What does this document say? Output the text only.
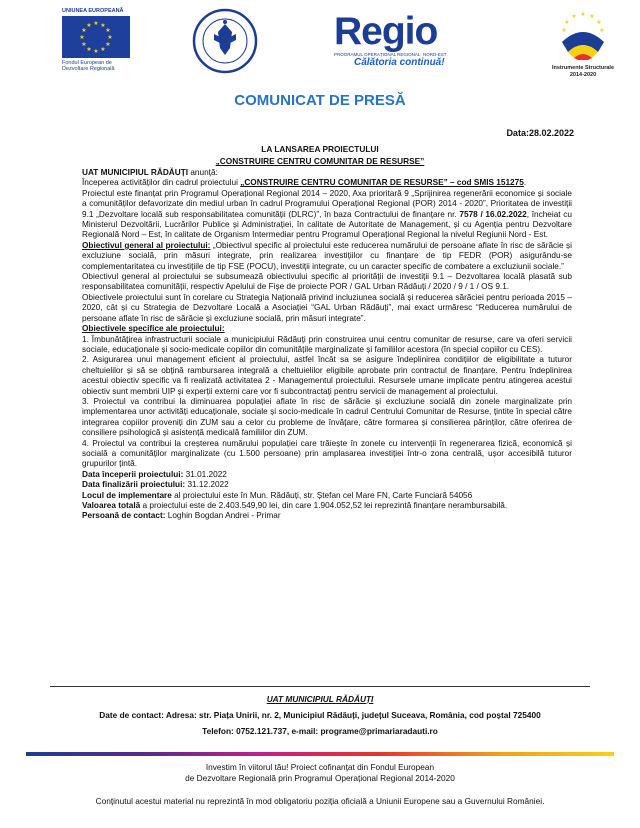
UNIUNEA EUROPEANĂ
★ ★
★
★
★
★
★
★
★
★
★
★
Fondul European de Dezvoltare Regională
Regio
PROGRAMUL OPERAȚIONAL REGIONAL NORD-EST
Călătoria continuă!
★ ★
★
★
★
★
★
Instrumente Structurale 2014-2020
COMUNICAT DE PRESĂ
Data:28.02.2022
LA LANSAREA PROIECTULUI
„CONSTRUIRE CENTRU COMUNITAR DE RESURSE”

UAT MUNICIPIUL RĂDĂUȚI anunță:

Începerea activităților din cadrul proiectului „CONSTRUIRE CENTRU COMUNITAR DE RESURSE” – cod SMIS 151275.

Proiectul este finanțat prin Programul Operațional Regional 2014 – 2020, Axa prioritară 9 „Sprijinirea regenerării economice și sociale a comunităților defavorizate din mediul urban în cadrul Programului Operațional Regional (POR) 2014 - 2020”, Prioritatea de investiții 9.1 „Dezvoltare locală sub responsabilitatea comunității (DLRC)”, în baza Contractului de finanțare nr. 7578 / 16.02.2022, încheiat cu Ministerul Dezvoltării, Lucrărilor Publice și Administrației, în calitate de Autoritate de Management, și cu Agenția pentru Dezvoltare Regională Nord – Est, în calitate de Organism Intermediar pentru Programul Operațional Regional la nivelul Regiunii Nord - Est.

Obiectivul general al proiectului: „Obiectivul specific al proiectului este reducerea numărului de persoane aflate în risc de sărăcie și excluziune socială, prin măsuri integrate, prin realizarea investițiilor cu finanțare de tip FEDR (POR) asigurându-se complementaritatea cu investițiile de tip FSE (POCU), investiții integrate, cu un caracter specific de combatere a excluziunii sociale.”

Obiectivul general al proiectului se subsumează obiectivului specific al priorității de investiții 9.1 – Dezvoltarea locală plasată sub responsabilitatea comunității, respectiv Apelului de Fișe de proiecte POR / GAL Urban Rădăuți / 2020 / 9 / 1 / OS 9.1.

Obiectivele proiectului sunt în corelare cu Strategia Națională privind incluziunea socială și reducerea sărăciei pentru perioada 2015 – 2020, cât și cu Strategia de Dezvoltare Locală a Asociației “GAL Urban Rădăuți”, mai exact urmăresc “Reducerea numărului de persoane aflate în risc de sărăcie și excluziune socială, prin măsuri integrate”.

Obiectivele specifice ale proiectului:

1. Îmbunătățirea infrastructurii sociale a municipiului Rădăuți prin construirea unui centru comunitar de resurse, care va oferi servicii sociale, educaționale și socio-medicale copiilor din comunitățile marginalizate și familiilor acestora (în special copiilor cu CES).

2. Asigurarea unui management eficient al proiectului, astfel încât sa se asigure îndeplinirea condițiilor de eligibilitate a tuturor cheltuielilor și să se obțină rambursarea integrală a cheltuielilor eligibile aprobate prin contractul de finanțare. Pentru îndeplinirea acestui obiectiv specific va fi realizată activitatea 2 - Managementul proiectului. Resursele umane implicate pentru atingerea acestui obiectiv sunt membrii UIP și experții externi care vor fi subcontractați pentru servicii de management al proiectului.

3. Proiectul va contribui la diminuarea populației aflate în risc de sărăcie și excluziune socială din zonele marginalizate prin implementarea unor activități educaționale, sociale și socio-medicale în cadrul Centrului Comunitar de Resurse, țintite în special către integrarea copiilor proveniți din ZUM sau a celor cu probleme de învățare, către formarea și consilierea părinților, către oferirea de consiliere psihologică și asistență medicală familiilor din ZUM.

4. Proiectul va contribui la creșterea numărului populației care trăiește în zonele cu intervenții în regenerarea fizică, economică și socială a comunităților marginalizate (cu 1.500 persoane) prin amplasarea investiției într-o zona centrală, ușor accesibilă tuturor grupurilor țintă.

Data începerii proiectului: 31.01.2022

Data finalizării proiectului: 31.12.2022

Locul de implementare al proiectului este în Mun. Rădăuți, str. Ștefan cel Mare FN, Carte Funciară 54056

Valoarea totală a proiectului este de 2.403.549,90 lei, din care 1.904.052,52 lei reprezintă finanțare nerambursabilă.

Persoană de contact: Loghin Bogdan Andrei - Primar

UAT MUNICIPIUL RĂDĂUȚI
Date de contact: Adresa: str. Piața Unirii, nr. 2, Municipiul Rădăuți, județul Suceava, România, cod poștal 725400
Telefon: 0752.121.737, e-mail: programe@primariaradauti.ro
Investim în viitorul tău! Proiect cofinanțat din Fondul European
de Dezvoltare Regională prin Programul Operațional Regional 2014-2020
Conținutul acestui material nu reprezintă în mod obligatoriu poziția oficială a Uniunii Europene sau a Guvernului României.
